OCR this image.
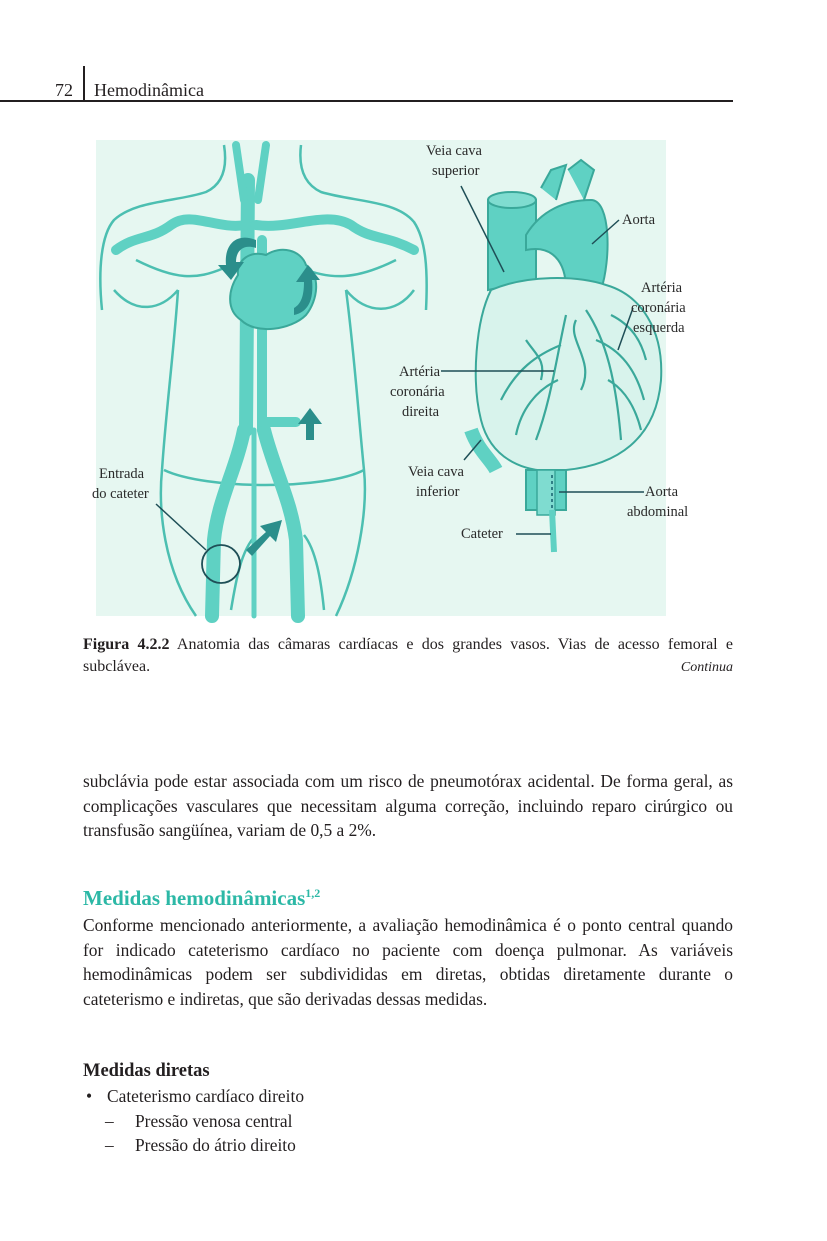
72 Hemodinâmica
Veia cava
superior
Aorta
Artéria
coronária
esquerda
Artéria
coronária
direita
Veia cava
inferior	Aorta
abdominal
Cateter
Entrada
do cateter
Figura 4.2.2 Anatomia das câmaras cardíacas e dos grandes vasos. Vias de acesso femoral e subclávea.	Continua
subclávia pode estar associada com um risco de pneumotórax acidental. De forma geral, as complicações vasculares que necessitam alguma correção, incluindo reparo cirúrgico ou transfusão sangüínea, variam de 0,5 a 2%.
Medidas hemodinâmicas$^{1,2}$
Conforme mencionado anteriormente, a avaliação hemodinâmica é o ponto central quando for indicado cateterismo cardíaco no paciente com doença pulmonar. As variáveis hemodinâmicas podem ser subdivididas em diretas, obtidas diretamente durante o cateterismo e indiretas, que são derivadas dessas medidas.
Medidas diretas
• Cateterismo cardíaco direito
– Pressão venosa central
– Pressão do átrio direito
